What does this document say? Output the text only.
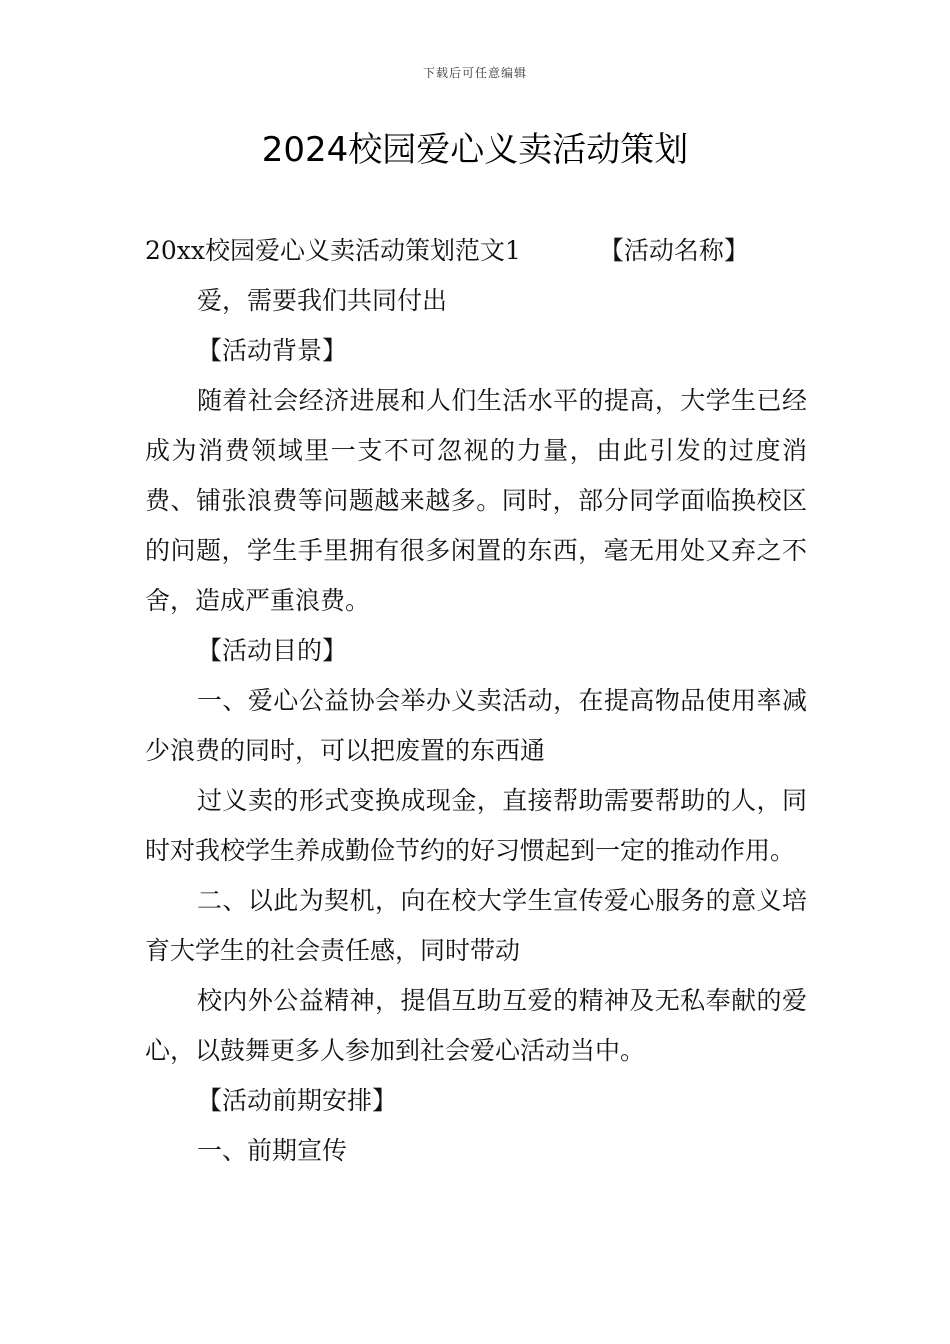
下载后可任意编辑
2024校园爱心义卖活动策划

20xx校园爱心义卖活动策划范文1	【活动名称】

爱，需要我们共同付出

【活动背景】

随着社会经济进展和人们生活水平的提高，大学生已经成为消费领域里一支不可忽视的力量，由此引发的过度消费、铺张浪费等问题越来越多。同时，部分同学面临换校区的问题，学生手里拥有很多闲置的东西，毫无用处又弃之不舍，造成严重浪费。

【活动目的】

一、爱心公益协会举办义卖活动，在提高物品使用率减少浪费的同时，可以把废置的东西通

过义卖的形式变换成现金，直接帮助需要帮助的人，同时对我校学生养成勤俭节约的好习惯起到一定的推动作用。

二、以此为契机，向在校大学生宣传爱心服务的意义培育大学生的社会责任感，同时带动

校内外公益精神，提倡互助互爱的精神及无私奉献的爱心，以鼓舞更多人参加到社会爱心活动当中。

【活动前期安排】

一、前期宣传
